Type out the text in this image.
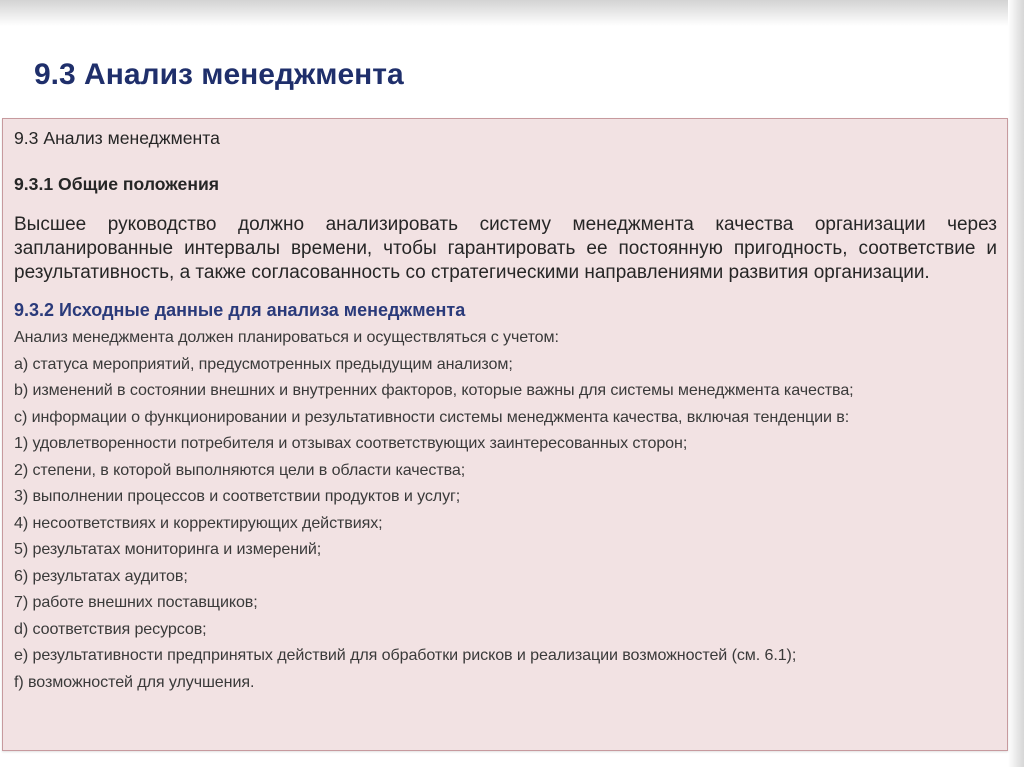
9.3 Анализ менеджмента
9.3 Анализ менеджмента
9.3.1 Общие положения

Высшее руководство должно анализировать систему менеджмента качества организации через запланированные интервалы времени, чтобы гарантировать ее постоянную пригодность, соответствие и результативность, а также согласованность со стратегическими направлениями развития организации.

9.3.2 Исходные данные для анализа менеджмента
Анализ менеджмента должен планироваться и осуществляться с учетом:
a) статуса мероприятий, предусмотренных предыдущим анализом;
b) изменений в состоянии внешних и внутренних факторов, которые важны для системы менеджмента качества;
c) информации о функционировании и результативности системы менеджмента качества, включая тенденции в:
1) удовлетворенности потребителя и отзывах соответствующих заинтересованных сторон;
2) степени, в которой выполняются цели в области качества;
3) выполнении процессов и соответствии продуктов и услуг;
4) несоответствиях и корректирующих действиях;
5) результатах мониторинга и измерений;
6) результатах аудитов;
7) работе внешних поставщиков;
d) соответствия ресурсов;
e) результативности предпринятых действий для обработки рисков и реализации возможностей (см. 6.1);
f) возможностей для улучшения.
